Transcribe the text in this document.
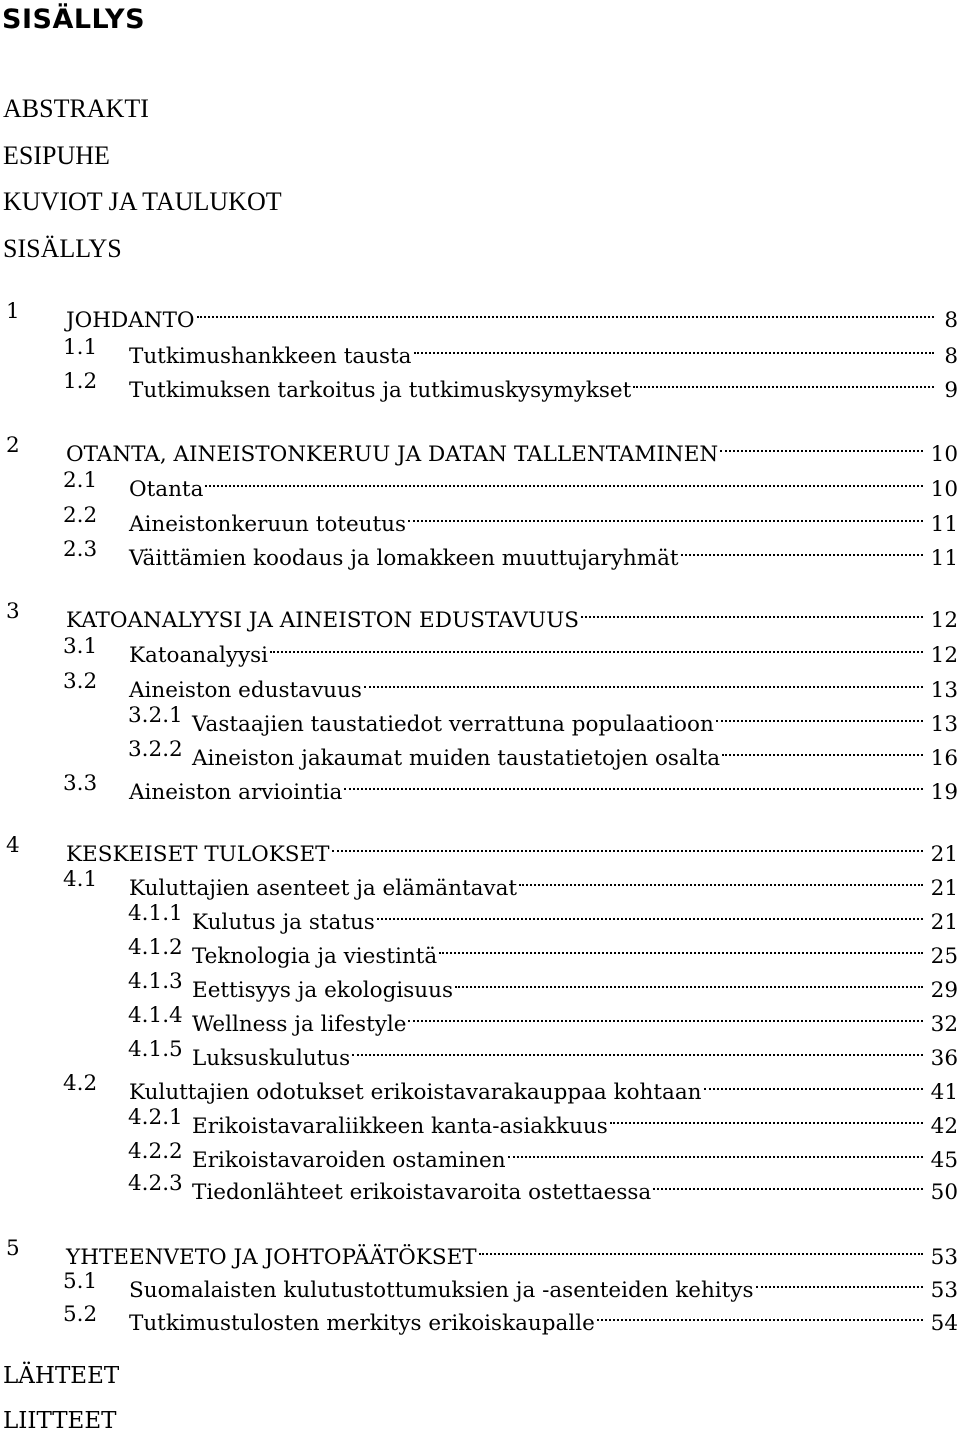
SISÄLLYS
ABSTRAKTI
ESIPUHE
KUVIOT JA TAULUKOT
SISÄLLYS
1 JOHDANTO	8
1.1 Tutkimushankkeen tausta	8
1.2 Tutkimuksen tarkoitus ja tutkimuskysymykset	9
2 OTANTA, AINEISTONKERUU JA DATAN TALLENTAMINEN	10
2.1 Otanta	10
2.2 Aineistonkeruun toteutus	11
2.3 Väittämien koodaus ja lomakkeen muuttujaryhmät	11
3 KATOANALYYSI JA AINEISTON EDUSTAVUUS	12
3.1 Katoanalyysi	12
3.2 Aineiston edustavuus	13
3.2.1 Vastaajien taustatiedot verrattuna populaatioon	13
3.2.2 Aineiston jakaumat muiden taustatietojen osalta	16
3.3 Aineiston arviointia	19
4 KESKEISET TULOKSET	21
4.1 Kuluttajien asenteet ja elämäntavat	21
4.1.1 Kulutus ja status	21
4.1.2 Teknologia ja viestintä	25
4.1.3 Eettisyys ja ekologisuus	29
4.1.4 Wellness ja lifestyle	32
4.1.5 Luksuskulutus	36
4.2 Kuluttajien odotukset erikoistavarakauppaa kohtaan	41
4.2.1 Erikoistavaraliikkeen kanta-asiakkuus	42
4.2.2 Erikoistavaroiden ostaminen	45
4.2.3 Tiedonlähteet erikoistavaroita ostettaessa	50
5 YHTEENVETO JA JOHTOPÄÄTÖKSET	53
5.1 Suomalaisten kulutustottumuksien ja -asenteiden kehitys	53
5.2 Tutkimustulosten merkitys erikoiskaupalle	54
LÄHTEET
LIITTEET
